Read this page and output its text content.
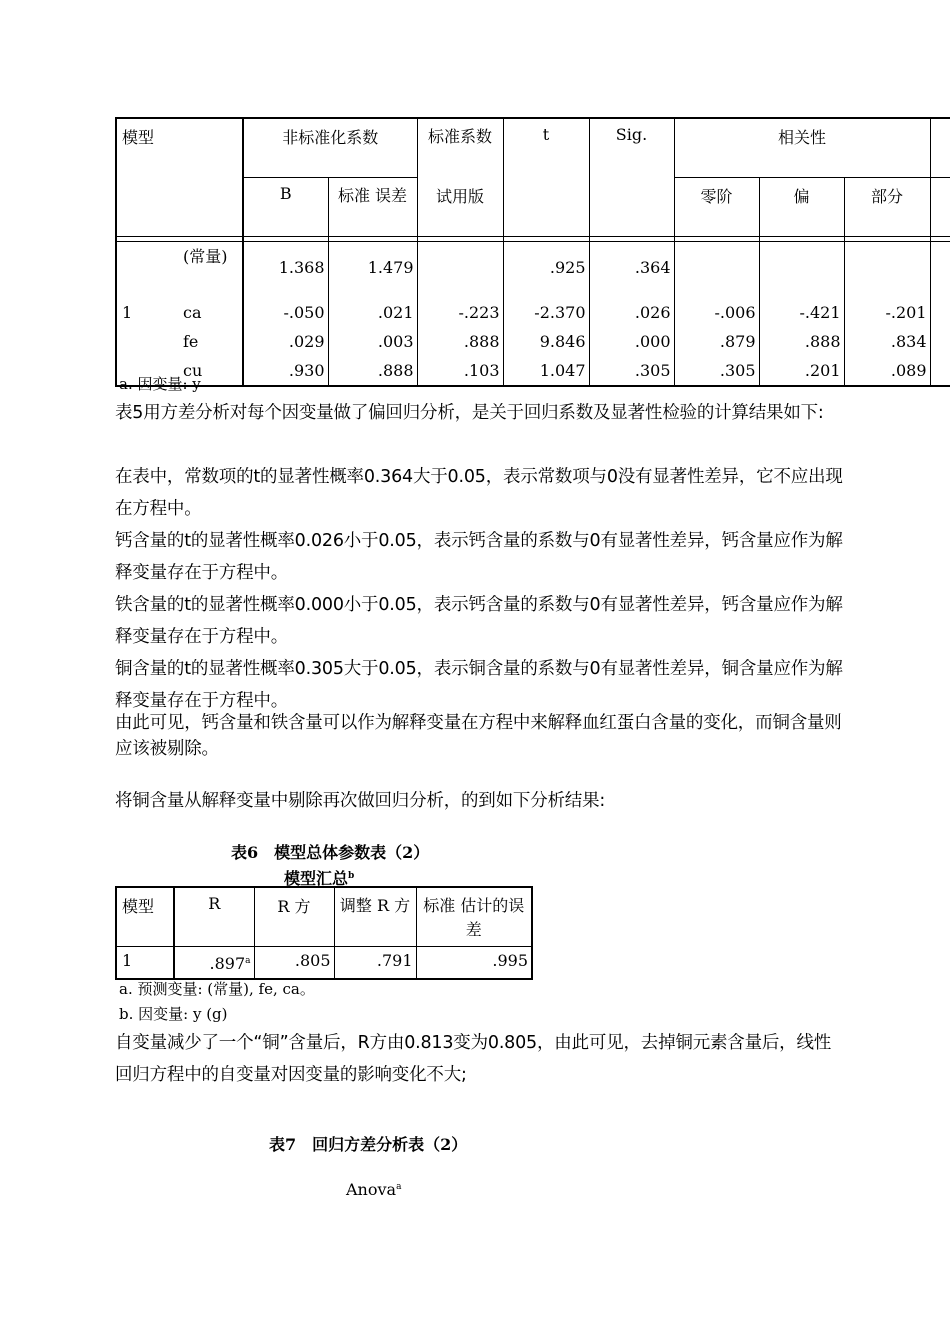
模型	非标准化系数		标准系数	t	Sig.	相关性			
	B	标准 误差	试用版			零阶	偏	部分	

(常量)	1.368	1.479		.925	.364				

1 ca	-.050	.021	-.223	-2.370	.026	-.006	-.421	-.201	
fe	.029	.003	.888	9.846	.000	.879	.888	.834	
cu	.930	.888	.103	1.047	.305	.305	.201	.089	
a. 因变量: y
表5用方差分析对每个因变量做了偏回归分析，是关于回归系数及显著性检验的计算结果如下:
在表中，常数项的t的显著性概率0.364大于0.05，表示常数项与0没有显著性差异，它不应出现在方程中。
钙含量的t的显著性概率0.026小于0.05，表示钙含量的系数与0有显著性差异，钙含量应作为解释变量存在于方程中。
铁含量的t的显著性概率0.000小于0.05，表示钙含量的系数与0有显著性差异，钙含量应作为解释变量存在于方程中。
铜含量的t的显著性概率0.305大于0.05，表示铜含量的系数与0有显著性差异，铜含量应作为解释变量存在于方程中。
由此可见，钙含量和铁含量可以作为解释变量在方程中来解释血红蛋白含量的变化，而铜含量则应该被剔除。
将铜含量从解释变量中剔除再次做回归分析，的到如下分析结果:
表6　模型总体参数表（2）
模型汇总$^b$
模型	R	R 方	调整 R 方	标准 估计的误差
1	.897$^a$	.805	.791	.995
a. 预测变量: (常量), fe, ca。
b. 因变量: y (g)
自变量减少了一个“铜”含量后，R方由0.813变为0.805，由此可见，去掉铜元素含量后，线性回归方程中的自变量对因变量的影响变化不大;
表7　回归方差分析表（2）
Anova$^a$
